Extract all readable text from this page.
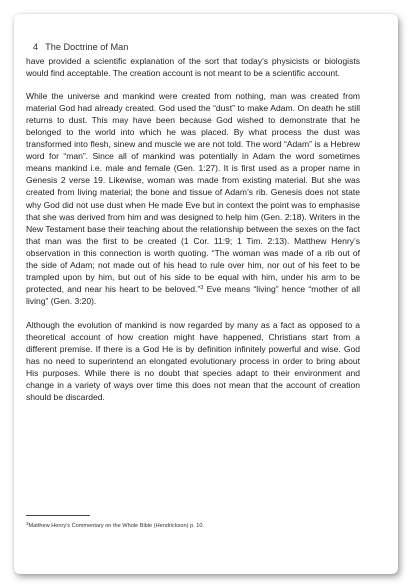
4 The Doctrine of Man

have provided a scientific explanation of the sort that today’s physicists or biologists would find acceptable. The creation account is not meant to be a scientific account.

While the universe and mankind were created from nothing, man was created from material God had already created. God used the “dust” to make Adam. On death he still returns to dust. This may have been because God wished to demonstrate that he belonged to the world into which he was placed. By what process the dust was transformed into flesh, sinew and muscle we are not told. The word “Adam” is a Hebrew word for “man”. Since all of mankind was potentially in Adam the word sometimes means mankind i.e. male and female (Gen. 1:27). It is first used as a proper name in Genesis 2 verse 19. Likewise, woman was made from existing material. But she was created from living material; the bone and tissue of Adam’s rib. Genesis does not state why God did not use dust when He made Eve but in context the point was to emphasise that she was derived from him and was designed to help him (Gen. 2:18). Writers in the New Testament base their teaching about the relationship between the sexes on the fact that man was the first to be created (1 Cor. 11:9; 1 Tim. 2:13). Matthew Henry’s observation in this connection is worth quoting. “The woman was made of a rib out of the side of Adam; not made out of his head to rule over him, nor out of his feet to be trampled upon by him, but out of his side to be equal with him, under his arm to be protected, and near his heart to be beloved.”$^3$ Eve means “living” hence “mother of all living” (Gen. 3:20).

Although the evolution of mankind is now regarded by many as a fact as opposed to a theoretical account of how creation might have happened, Christians start from a different premise. If there is a God He is by definition infinitely powerful and wise. God has no need to superintend an elongated evolutionary process in order to bring about His purposes. While there is no doubt that species adapt to their environment and change in a variety of ways over time this does not mean that the account of creation should be discarded.

$^3$Matthew Henry’s Commentary on the Whole Bible (Hendrickson) p. 10.
